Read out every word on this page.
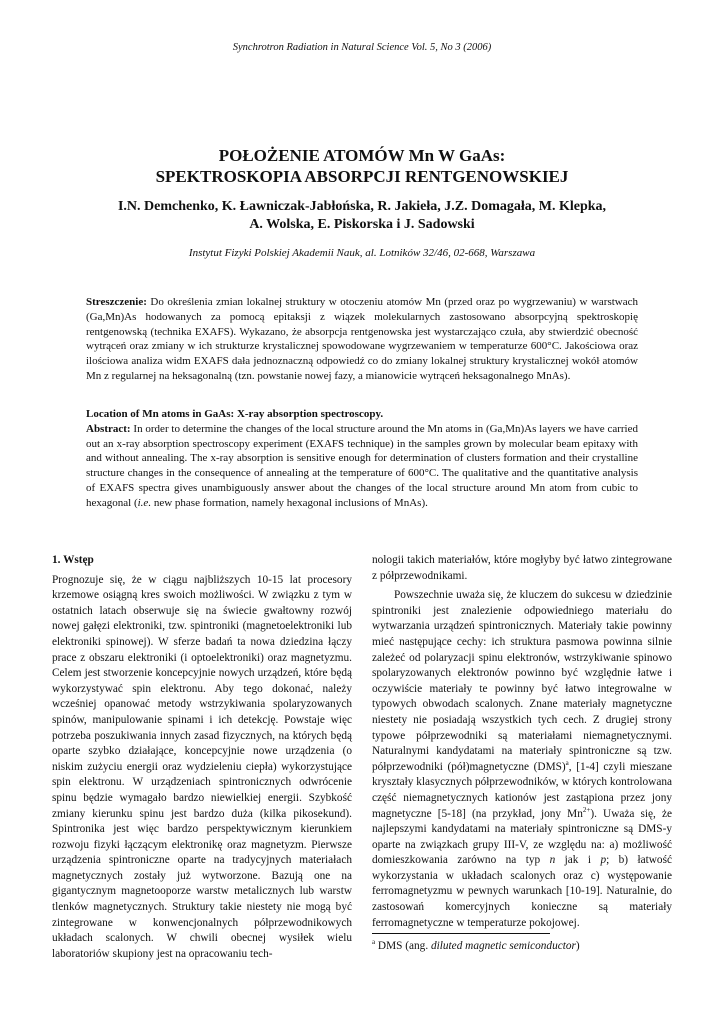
Synchrotron Radiation in Natural Science Vol. 5, No 3 (2006)
POŁOŻENIE ATOMÓW Mn W GaAs:
SPEKTROSKOPIA ABSORPCJI RENTGENOWSKIEJ
I.N. Demchenko, K. Ławniczak-Jabłońska, R. Jakieła, J.Z. Domagała, M. Klepka,
A. Wolska, E. Piskorska i J. Sadowski
Instytut Fizyki Polskiej Akademii Nauk, al. Lotników 32/46, 02-668, Warszawa
Streszczenie: Do określenia zmian lokalnej struktury w otoczeniu atomów Mn (przed oraz po wygrzewaniu) w warstwach (Ga,Mn)As hodowanych za pomocą epitaksji z wiązek molekularnych zastosowano absorpcyjną spektroskopię rentgenowską (technika EXAFS). Wykazano, że absorpcja rentgenowska jest wystarczająco czuła, aby stwierdzić obecność wytrąceń oraz zmiany w ich strukturze krystalicznej spowodowane wygrzewaniem w temperaturze 600°C. Jakościowa oraz ilościowa analiza widm EXAFS dała jednoznaczną odpowiedź co do zmiany lokalnej struktury krystalicznej wokół atomów Mn z regularnej na heksagonalną (tzn. powstanie nowej fazy, a mianowicie wytrąceń heksagonalnego MnAs).
Location of Mn atoms in GaAs: X-ray absorption spectroscopy.
Abstract: In order to determine the changes of the local structure around the Mn atoms in (Ga,Mn)As layers we have carried out an x-ray absorption spectroscopy experiment (EXAFS technique) in the samples grown by molecular beam epitaxy with and without annealing. The x-ray absorption is sensitive enough for determination of clusters formation and their crystalline structure changes in the consequence of annealing at the temperature of 600°C. The qualitative and the quantitative analysis of EXAFS spectra gives unambiguously answer about the changes of the local structure around Mn atom from cubic to hexagonal (i.e. new phase formation, namely hexagonal inclusions of MnAs).
1. Wstęp
Prognozuje się, że w ciągu najbliższych 10-15 lat procesory krzemowe osiągną kres swoich możliwości. W związku z tym w ostatnich latach obserwuje się na świecie gwałtowny rozwój nowej gałęzi elektroniki, tzw. spintroniki (magnetoelektroniki lub elektroniki spinowej). W sferze badań ta nowa dziedzina łączy prace z obszaru elektroniki (i optoelektroniki) oraz magnetyzmu. Celem jest stworzenie koncepcyjnie nowych urządzeń, które będą wykorzystywać spin elektronu. Aby tego dokonać, należy wcześniej opanować metody wstrzykiwania spolaryzowanych spinów, manipulowanie spinami i ich detekcję. Powstaje więc potrzeba poszukiwania innych zasad fizycznych, na których będą oparte szybko działające, koncepcyjnie nowe urządzenia (o niskim zużyciu energii oraz wydzieleniu ciepła) wykorzystujące spin elektronu. W urządzeniach spintronicznych odwrócenie spinu będzie wymagało bardzo niewielkiej energii. Szybkość zmiany kierunku spinu jest bardzo duża (kilka pikosekund). Spintronika jest więc bardzo perspektywicznym kierunkiem rozwoju fizyki łączącym elektronikę oraz magnetyzm. Pierwsze urządzenia spintroniczne oparte na tradycyjnych materiałach magnetycznych zostały już wytworzone. Bazują one na gigantycznym magnetooporze warstw metalicznych lub warstw tlenków magnetycznych. Struktury takie niestety nie mogą być zintegrowane w konwencjonalnych półprzewodnikowych układach scalonych. W chwili obecnej wysiłek wielu laboratoriów skupiony jest na opracowaniu tech-

nologii takich materiałów, które mogłyby być łatwo zintegrowane z półprzewodnikami.

Powszechnie uważa się, że kluczem do sukcesu w dziedzinie spintroniki jest znalezienie odpowiedniego materiału do wytwarzania urządzeń spintronicznych. Materiały takie powinny mieć następujące cechy: ich struktura pasmowa powinna silnie zależeć od polaryzacji spinu elektronów, wstrzykiwanie spinowo spolaryzowanych elektronów powinno być względnie łatwe i oczywiście materiały te powinny być łatwo integrowalne w typowych obwodach scalonych. Znane materiały magnetyczne niestety nie posiadają wszystkich tych cech. Z drugiej strony typowe półprzewodniki są materiałami niemagnetycznymi. Naturalnymi kandydatami na materiały spintroniczne są tzw. półprzewodniki (pół)magnetyczne (DMS)$^a$, [1-4] czyli mieszane kryształy klasycznych półprzewodników, w których kontrolowana część niemagnetycznych kationów jest zastąpiona przez jony magnetyczne [5-18] (na przykład, jony $Mn^{2+}$). Uważa się, że najlepszymi kandydatami na materiały spintroniczne są DMS-y oparte na związkach grupy III-V, ze względu na: a) możliwość domieszkowania zarówno na typ n jak i p; b) łatwość wykorzystania w układach scalonych oraz c) występowanie ferromagnetyzmu w pewnych warunkach [10-19]. Naturalnie, do zastosowań komercyjnych konieczne są materiały ferromagnetyczne w temperaturze pokojowej.

$^a$ DMS (ang. diluted magnetic semiconductor)
